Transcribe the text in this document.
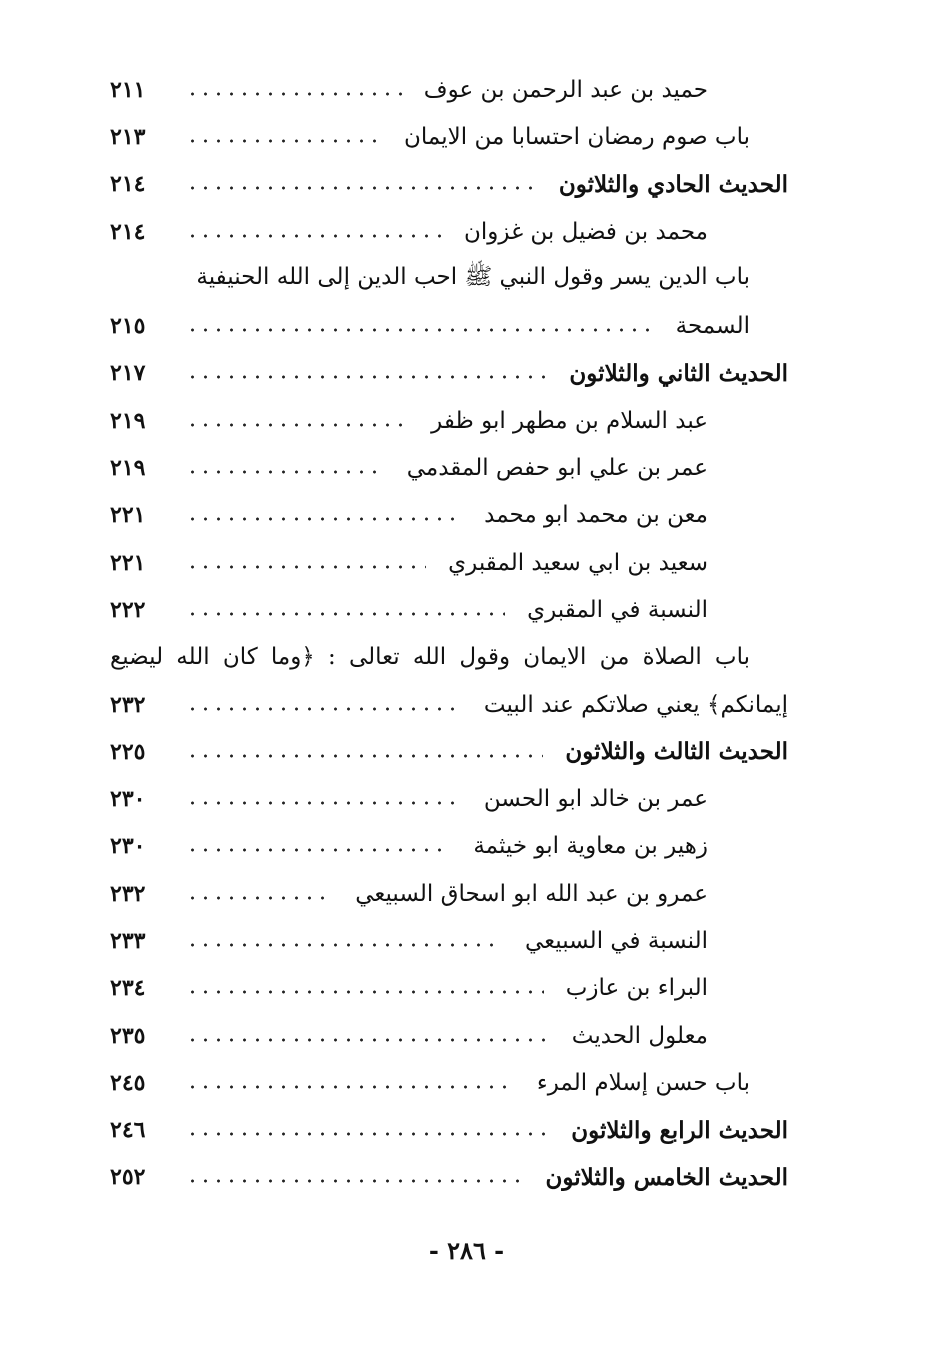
حميد بن عبد الرحمن بن عوف
٢١١
باب صوم رمضان احتسابا من الايمان
٢١٣
الحديث الحادي والثلاثون
٢١٤
محمد بن فضيل بن غزوان
٢١٤
باب الدين يسر وقول النبي ﷺ احب الدين إلى الله الحنيفية
السمحة
٢١٥
الحديث الثاني والثلاثون
٢١٧
عبد السلام بن مطهر ابو ظفر
٢١٩
عمر بن علي ابو حفص المقدمي
٢١٩
معن بن محمد ابو محمد
٢٢١
سعيد بن ابي سعيد المقبري
٢٢١
النسبة في المقبري
٢٢٢
باب الصلاة من الايمان وقول الله تعالى : ﴿وما كان الله ليضيع
إيمانكم﴾ يعني صلاتكم عند البيت
٢٣٢
الحديث الثالث والثلاثون
٢٢٥
عمر بن خالد ابو الحسن
٢٣٠
زهير بن معاوية ابو خيثمة
٢٣٠
عمرو بن عبد الله ابو اسحاق السبيعي
٢٣٢
النسبة في السبيعي
٢٣٣
البراء بن عازب
٢٣٤
معلول الحديث
٢٣٥
باب حسن إسلام المرء
٢٤٥
الحديث الرابع والثلاثون
٢٤٦
الحديث الخامس والثلاثون
٢٥٢
- ٢٨٦ -
